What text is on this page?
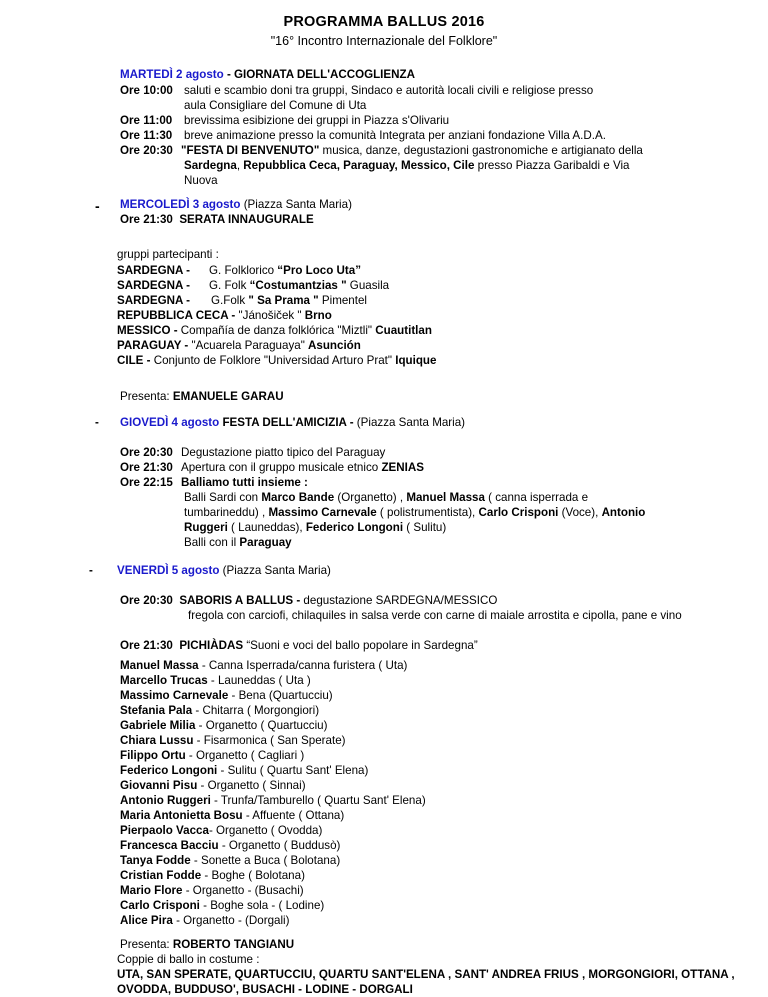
PROGRAMMA BALLUS 2016
"16° Incontro Internazionale del Folklore"
MARTEDÌ 2 agosto - GIORNATA DELL'ACCOGLIENZA
Ore 10:00 saluti e scambio doni tra gruppi, Sindaco e autorità locali civili e religiose presso
aula Consigliare del Comune di Uta
Ore 11:00 brevissima esibizione dei gruppi in Piazza s'Olivariu
Ore 11:30 breve animazione presso la comunità Integrata per anziani fondazione Villa A.D.A.
Ore 20:30 "FESTA DI BENVENUTO" musica, danze, degustazioni gastronomiche e artigianato della
Sardegna, Repubblica Ceca, Paraguay, Messico, Cile presso Piazza Garibaldi e Via
Nuova
- MERCOLEDÌ 3 agosto (Piazza Santa Maria)
Ore 21:30 SERATA INNAUGURALE
gruppi partecipanti :
SARDEGNA - G. Folklorico “Pro Loco Uta”
SARDEGNA - G. Folk “Costumantzias " Guasila
SARDEGNA - G.Folk " Sa Prama " Pimentel
REPUBBLICA CECA - "Jánošiček " Brno
MESSICO - Compañía de danza folklórica "Miztli" Cuautitlan
PARAGUAY - "Acuarela Paraguaya" Asunción
CILE - Conjunto de Folklore "Universidad Arturo Prat" Iquique
Presenta: EMANUELE GARAU
- GIOVEDÌ 4 agosto FESTA DELL'AMICIZIA - (Piazza Santa Maria)
Ore 20:30 Degustazione piatto tipico del Paraguay
Ore 21:30 Apertura con il gruppo musicale etnico ZENIAS
Ore 22:15 Balliamo tutti insieme :
Balli Sardi con Marco Bande (Organetto) , Manuel Massa ( canna isperrada e
tumbarineddu) , Massimo Carnevale ( polistrumentista), Carlo Crisponi (Voce), Antonio
Ruggeri ( Launeddas), Federico Longoni ( Sulitu)
Balli con il Paraguay
- VENERDÌ 5 agosto (Piazza Santa Maria)
Ore 20:30 SABORIS A BALLUS - degustazione SARDEGNA/MESSICO
fregola con carciofi, chilaquiles in salsa verde con carne di maiale arrostita e cipolla, pane e vino
Ore 21:30 PICHIÀDAS “Suoni e voci del ballo popolare in Sardegna”
Manuel Massa - Canna Isperrada/canna furistera ( Uta)
Marcello Trucas - Launeddas ( Uta )
Massimo Carnevale - Bena (Quartucciu)
Stefania Pala - Chitarra ( Morgongiori)
Gabriele Milia - Organetto ( Quartucciu)
Chiara Lussu - Fisarmonica ( San Sperate)
Filippo Ortu - Organetto ( Cagliari )
Federico Longoni - Sulitu ( Quartu Sant' Elena)
Giovanni Pisu - Organetto ( Sinnai)
Antonio Ruggeri - Trunfa/Tamburello ( Quartu Sant' Elena)
Maria Antonietta Bosu - Affuente ( Ottana)
Pierpaolo Vacca- Organetto ( Ovodda)
Francesca Bacciu - Organetto ( Buddusò)
Tanya Fodde - Sonette a Buca ( Bolotana)
Cristian Fodde - Boghe ( Bolotana)
Mario Flore - Organetto - (Busachi)
Carlo Crisponi - Boghe sola - ( Lodine)
Alice Pira - Organetto - (Dorgali)
Presenta: ROBERTO TANGIANU
Coppie di ballo in costume :
UTA, SAN SPERATE, QUARTUCCIU, QUARTU SANT'ELENA , SANT' ANDREA FRIUS , MORGONGIORI, OTTANA ,
OVODDA, BUDDUSO', BUSACHI - LODINE - DORGALI
